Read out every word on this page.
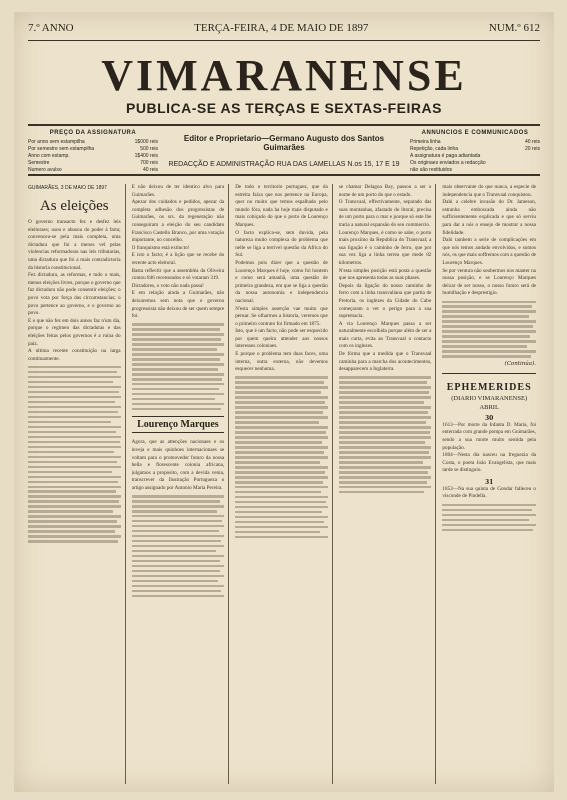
7.º ANNO	TERÇA-FEIRA, 4 DE MAIO DE 1897	NUM.º 612
VIMARANENSE
PUBLICA-SE AS TERÇAS E SEXTAS-FEIRAS
PREÇO DA ASSIGNATURA
Por anno sem estampilha	1$000 reis
Por semestre sem estampilha	500 reis
Anno com estamp.	1$400 reis
Semestre	700 reis
Numero avulso	40 reis
Editor e Proprietario—Germano Augusto dos Santos Guimarães
REDACÇÃO E ADMINISTRAÇÃO RUA DAS LAMELLAS N.os 15, 17 E 19
ANNUNCIOS E COMMUNICADOS
Primeira linha	40 reis
Repetição, cada linha	20 reis
A assignatura é paga adiantada
Os originaes enviados a redacção
não são restituidos
GUIMARÃES, 3 DE MAIO DE 1897
As eleições

O governo transacto fez e desfez leis eleitoraes; usou e abusou do poder á farta; convenceu-se pela mais completa, uma dictadura que foi a menos vel pelas violencias reformadoras nas leis tributarias, uma dictadura que foi a mais contradictoria da historia constitucional.

Fez dictadura, as reformas, e tudo o mais, menos eleições livres, porque o governo que faz dictadura não pode consentir eleições; o povo vota por força das circumstancias; o povo pertence ao governo, e o governo ao povo.

E o que não fez em dois annos faz n'um dia, porque o regimen das dictaduras e das eleições feitas pelos governos é a ruina do paiz.

A ultima recente constituição na larga continuamente.

E não deixou de ter identico alvo para Guimarães.

Apezar dos cuidados e pedidos, apezar da completa adhesão dos progressistas de Guimarães, os srs. da regeneração não conseguiram a eleição do seu candidato Francisco Castello Branco, por uma votação importante, no concelho.

O franquismo está extincto!

E isto o facto; é a lição que se recebe do recente acto eleitoral.

Basta reflectir que a assembléa da Oliveira contou 846 recenseados e só votaram 319.

Dictadores, o voto não nada passa!

E em relação ainda a Guimarães, não deixaremos sem nota que o governo progressista não deixou de ser quem sempre foi.

Lourenço Marques

Agora, que as attenções nacionaes e os inveja e mais quinhoes internacionaes se voltam para o promovedor futuro da nossa bella e florescente colonia africana, julgamos a proposito, com a devida venia, transcrever da Ilustração Portugueza o artigo assignado por Antonio Maria Pereira.

De todo o territorio portuguez, que da estreita faixa que nos pertence na Europa, quer no muito que temos espalhado pelo mundo fóra, nada ha hoje mais disputado e mais cobiçado do que o porto de Lourenço Marques.

O facto explica-se, sem duvida, pela natureza muito complexa do problema que nelle se liga a terrível questão da Africa do Sul.

Podemos pois dizer que a questão de Lourenço Marques é hoje, como foi hontem e como será amanhã, uma questão de primeira grandeza, em que se liga a questão da nossa autonomia e independencia nacional.

N'esta simples asserção vae muito que pensar. Se olharmos a historia, veremos que o primeiro contrato foi firmado em 1875.

Isto, que é um facto, não pode ser esquecido por quem queira attender aos nossos interesses coloniaes.

E porque o problema tem duas faces, uma interna, outra externa, não devemos esquecer nenhuma.

se chamar Delagoa Bay, passou a ser o nome de um porto do que o estado.

O Transvaal, effectivamente, separado das suas montanhas, afastado do litoral, precisa de um porto para o mar e porque só este lhe traria a natural expansão do seu commercio.

Lourenço Marques, é como se sabe, o porto mais proximo da Republica do Transvaal; a sua ligação é o caminho de ferro, que por sua vez liga a linha terrea que mede 82 kilometros.

N'esta simples posição está posta a questão que nos apresenta todas as suas phases.

Depois da ligação do nosso caminho de ferro com a linha transvaliana que partia de Pretoria, os inglezes da Cidade do Cabo começaram a ver o perigo para a sua supremacia.

A via Lourenço Marques passa a ser naturalmente escolhida porque além de ser a mais curta, evita ao Transvaal o contacto com os inglezes.

De fórma que a medida que o Transvaal caminha para a marcha dos acontecimentos, desapparecem a Inglaterra.

mais observante do que nunca, a especie de independencia que o Transvaal conquistou.

Dahi a celebre invasão do Dr. Jameson, estranha emboscada ainda não sufficientemente explicada e que só serviu para dar a nós o ensejo de mostrar a nossa fidelidade.

Dahi tambem a serie de complicações em que nós temos andado envolvidos, e somos nós, os que mais soffremos com a questão de Lourenço Marques.

Se por ventura não soubermos nos manter na nossa posição, e se Lourenço Marques deixar de ser nosso, o nosso futuro será de humilhação e desprestigio.

(Continúa).
EPHEMERIDES
(DIARIO VIMARANENSE)
ABRIL
30

1613—Por morte da Infanta D. Maria, foi enterrada com grande pompa em Guimarães, sendo a sua morte muito sentida pela população.

1804—Nesta dia nasceu na freguezia da Costa, o poeta João Evangelista, que mais tarde se distinguiu.

31

1853—Na sua quinta de Gondar falleceu o visconde de Pindella.
